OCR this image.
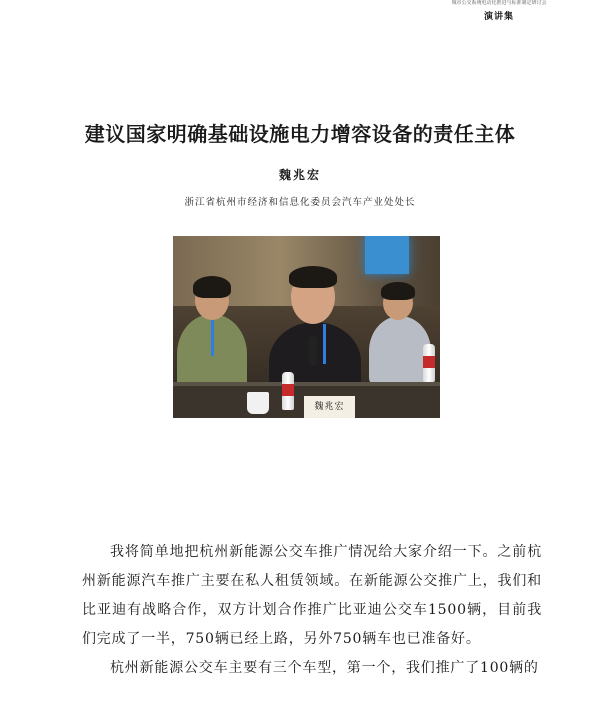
城市公交系统电动化推进与标准制定研讨会
演讲集
建议国家明确基础设施电力增容设备的责任主体
魏兆宏
浙江省杭州市经济和信息化委员会汽车产业处处长
魏兆宏

我将简单地把杭州新能源公交车推广情况给大家介绍一下。之前杭州新能源汽车推广主要在私人租赁领域。在新能源公交推广上，我们和比亚迪有战略合作，双方计划合作推广比亚迪公交车1500辆，目前我们完成了一半，750辆已经上路，另外750辆车也已准备好。

杭州新能源公交车主要有三个车型，第一个，我们推广了100辆的
